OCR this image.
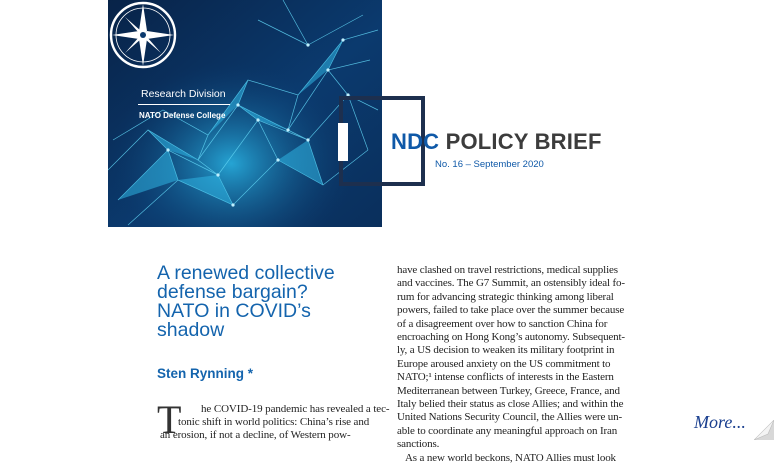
Research Division
NATO Defense College
NDC POLICY BRIEF
No. 16 – September 2020
A renewed collective
defense bargain?
NATO in COVID’s
shadow
Sten Rynning *
T he COVID-19 pandemic has revealed a tec-
tonic shift in world politics: China’s rise and
an erosion, if not a decline, of Western pow-
have clashed on travel restrictions, medical supplies
and vaccines. The G7 Summit, an ostensibly ideal fo-
rum for advancing strategic thinking among liberal
powers, failed to take place over the summer because
of a disagreement over how to sanction China for
encroaching on Hong Kong’s autonomy. Subsequent-
ly, a US decision to weaken its military footprint in
Europe aroused anxiety on the US commitment to
NATO;¹ intense conflicts of interests in the Eastern
Mediterranean between Turkey, Greece, France, and
Italy belied their status as close Allies; and within the
United Nations Security Council, the Allies were un-
able to coordinate any meaningful approach on Iran
sanctions.
As a new world beckons, NATO Allies must look
More...
